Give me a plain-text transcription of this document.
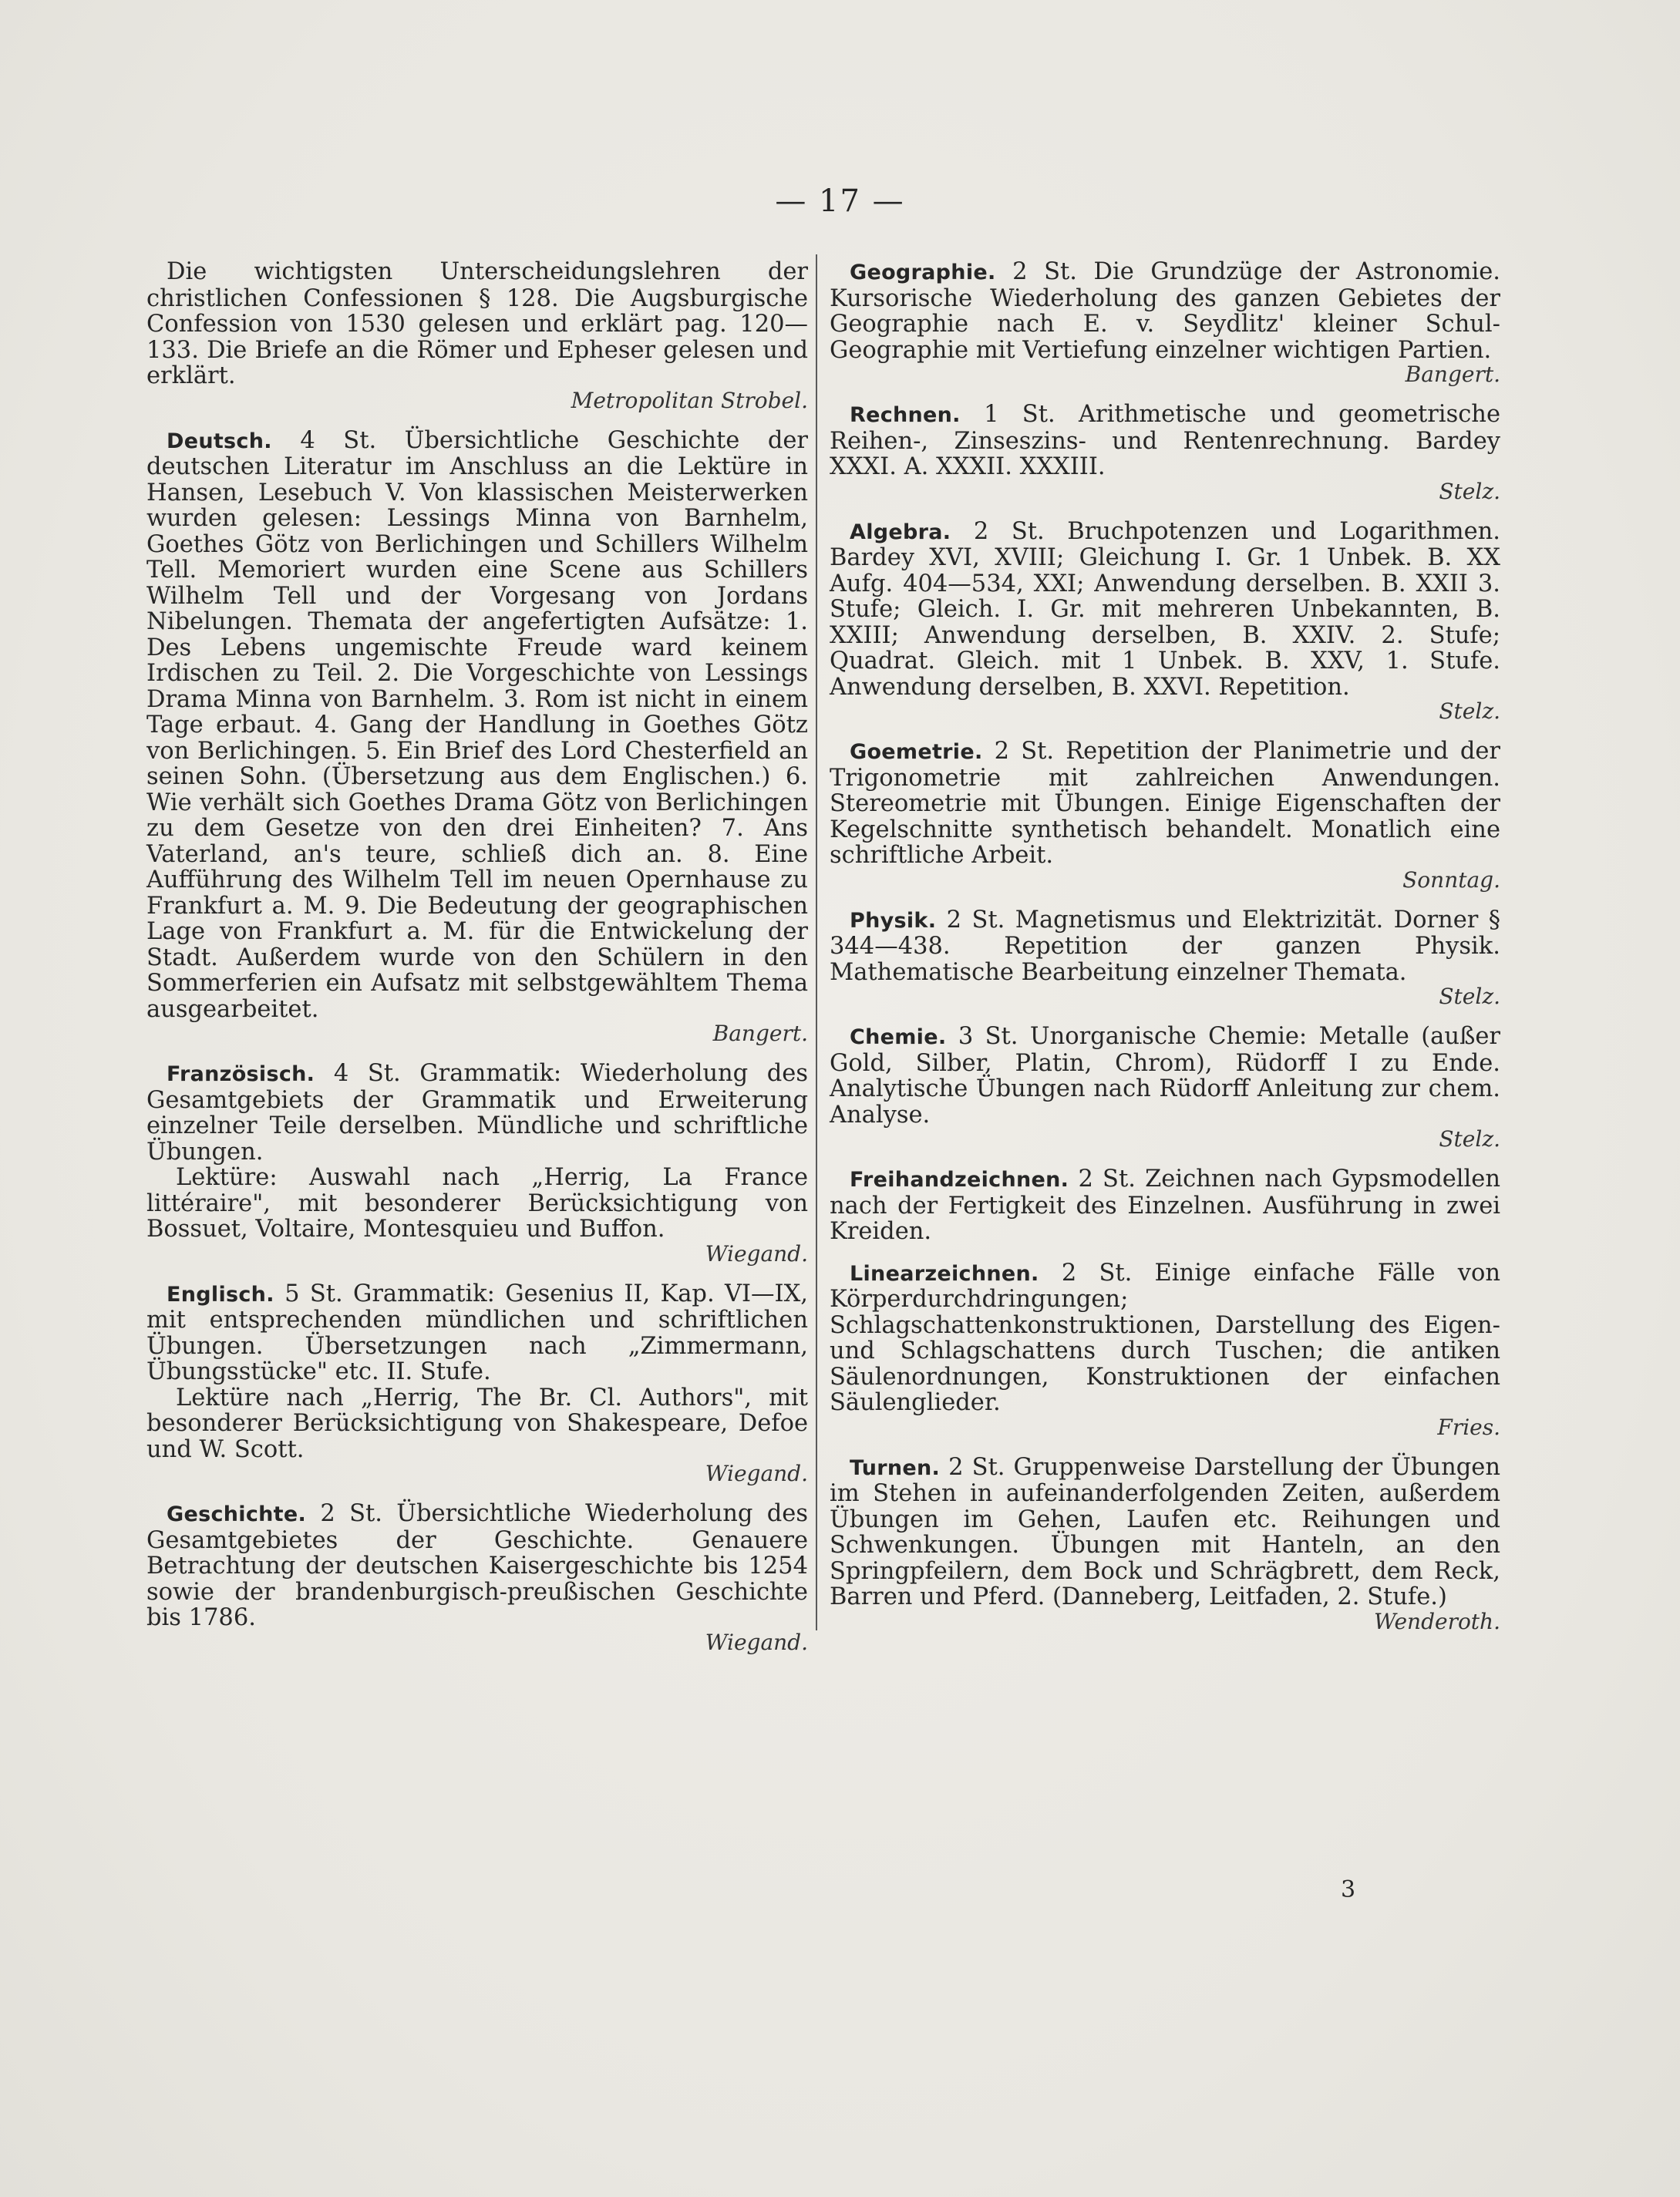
— 17 —

Die wichtigsten Unterscheidungslehren der christlichen Confessionen § 128. Die Augsburgische Confession von 1530 gelesen und erklärt pag. 120—133. Die Briefe an die Römer und Epheser gelesen und erklärt.

Metropolitan Strobel.

Deutsch. 4 St. Übersichtliche Geschichte der deutschen Literatur im Anschluss an die Lektüre in Hansen, Lesebuch V. Von klassischen Meisterwerken wurden gelesen: Lessings Minna von Barnhelm, Goethes Götz von Berlichingen und Schillers Wilhelm Tell. Memoriert wurden eine Scene aus Schillers Wilhelm Tell und der Vorgesang von Jordans Nibelungen. Themata der angefertigten Aufsätze: 1. Des Lebens ungemischte Freude ward keinem Irdischen zu Teil. 2. Die Vorgeschichte von Lessings Drama Minna von Barnhelm. 3. Rom ist nicht in einem Tage erbaut. 4. Gang der Handlung in Goethes Götz von Berlichingen. 5. Ein Brief des Lord Chesterfield an seinen Sohn. (Übersetzung aus dem Englischen.) 6. Wie verhält sich Goethes Drama Götz von Berlichingen zu dem Gesetze von den drei Einheiten? 7. Ans Vaterland, an's teure, schließ dich an. 8. Eine Aufführung des Wilhelm Tell im neuen Opernhause zu Frankfurt a. M. 9. Die Bedeutung der geographischen Lage von Frankfurt a. M. für die Entwickelung der Stadt. Außerdem wurde von den Schülern in den Sommerferien ein Aufsatz mit selbstgewähltem Thema ausgearbeitet.

Bangert.

Französisch. 4 St. Grammatik: Wiederholung des Gesamtgebiets der Grammatik und Erweiterung einzelner Teile derselben. Mündliche und schriftliche Übungen.

Lektüre: Auswahl nach „Herrig, La France littéraire", mit besonderer Berücksichtigung von Bossuet, Voltaire, Montesquieu und Buffon.

Wiegand.

Englisch. 5 St. Grammatik: Gesenius II, Kap. VI—IX, mit entsprechenden mündlichen und schriftlichen Übungen. Übersetzungen nach „Zimmermann, Übungsstücke" etc. II. Stufe.

Lektüre nach „Herrig, The Br. Cl. Authors", mit besonderer Berücksichtigung von Shakespeare, Defoe und W. Scott.

Wiegand.

Geschichte. 2 St. Übersichtliche Wiederholung des Gesamtgebietes der Geschichte. Genauere Betrachtung der deutschen Kaisergeschichte bis 1254 sowie der brandenburgisch-preußischen Geschichte bis 1786.

Wiegand.

Geographie. 2 St. Die Grundzüge der Astronomie. Kursorische Wiederholung des ganzen Gebietes der Geographie nach E. v. Seydlitz' kleiner Schul-Geographie mit Vertiefung einzelner wichtigen Partien.

Bangert.

Rechnen. 1 St. Arithmetische und geometrische Reihen-, Zinseszins- und Rentenrechnung. Bardey XXXI. A. XXXII. XXXIII.

Stelz.

Algebra. 2 St. Bruchpotenzen und Logarithmen. Bardey XVI, XVIII; Gleichung I. Gr. 1 Unbek. B. XX Aufg. 404—534, XXI; Anwendung derselben. B. XXII 3. Stufe; Gleich. I. Gr. mit mehreren Unbekannten, B. XXIII; Anwendung derselben, B. XXIV. 2. Stufe; Quadrat. Gleich. mit 1 Unbek. B. XXV, 1. Stufe. Anwendung derselben, B. XXVI. Repetition.

Stelz.

Goemetrie. 2 St. Repetition der Planimetrie und der Trigonometrie mit zahlreichen Anwendungen. Stereometrie mit Übungen. Einige Eigenschaften der Kegelschnitte synthetisch behandelt. Monatlich eine schriftliche Arbeit.

Sonntag.

Physik. 2 St. Magnetismus und Elektrizität. Dorner § 344—438. Repetition der ganzen Physik. Mathematische Bearbeitung einzelner Themata.

Stelz.

Chemie. 3 St. Unorganische Chemie: Metalle (außer Gold, Silber, Platin, Chrom), Rüdorff I zu Ende. Analytische Übungen nach Rüdorff Anleitung zur chem. Analyse.

Stelz.

Freihandzeichnen. 2 St. Zeichnen nach Gypsmodellen nach der Fertigkeit des Einzelnen. Ausführung in zwei Kreiden.

Linearzeichnen. 2 St. Einige einfache Fälle von Körperdurchdringungen; Schlagschattenkonstruktionen, Darstellung des Eigen- und Schlagschattens durch Tuschen; die antiken Säulenordnungen, Konstruktionen der einfachen Säulenglieder.

Fries.

Turnen. 2 St. Gruppenweise Darstellung der Übungen im Stehen in aufeinanderfolgenden Zeiten, außerdem Übungen im Gehen, Laufen etc. Reihungen und Schwenkungen. Übungen mit Hanteln, an den Springpfeilern, dem Bock und Schrägbrett, dem Reck, Barren und Pferd. (Danneberg, Leitfaden, 2. Stufe.)

Wenderoth.
3
